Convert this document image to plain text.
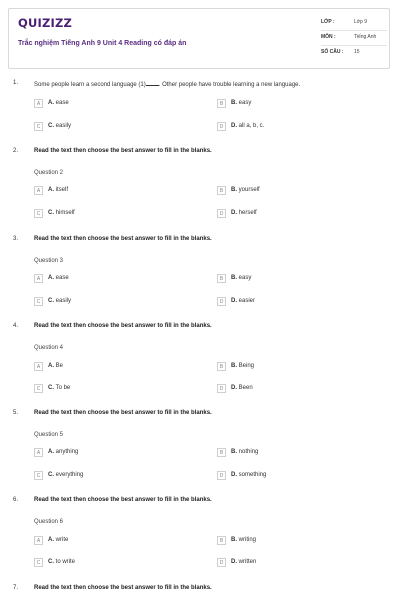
QUIZIZZ
Trắc nghiệm Tiếng Anh 9 Unit 4 Reading có đáp án
LỚP :	Lớp 9
MÔN :	Tiếng Anh
SỐ CÂU : 15
1.	Some people learn a second language (1) . Other people have trouble learning a new language.
A	A. ease	B	B. easy
C	C. easily	D	D. all a, b, c.
2.	Read the text then choose the best answer to fill in the blanks.
Question 2
A	A. itself	B	B. yourself
C	C. himself	D	D. herself
3.	Read the text then choose the best answer to fill in the blanks.
Question 3
A	A. ease	B	B. easy
C	C. easily	D	D. easier
4.	Read the text then choose the best answer to fill in the blanks.
Question 4
A	A. Be	B	B. Being
C	C. To be	D	D. Been
5.	Read the text then choose the best answer to fill in the blanks.
Question 5
A	A. anything	B	B. nothing
C	C. everything	D	D. something
6.	Read the text then choose the best answer to fill in the blanks.
Question 6
A	A. write	B	B. writing
C	C. to write	D	D. written
7.	Read the text then choose the best answer to fill in the blanks.
